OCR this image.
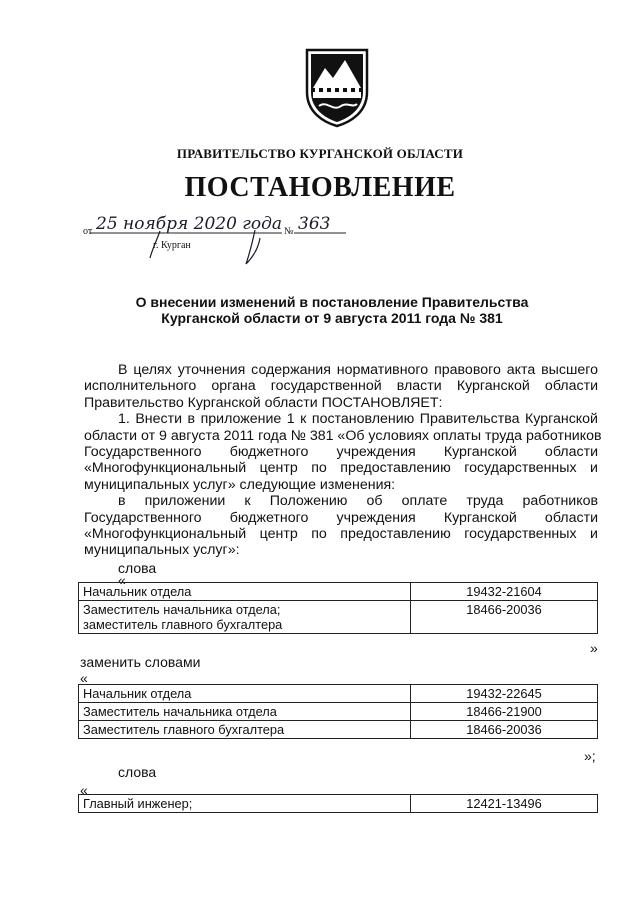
ПРАВИТЕЛЬСТВО КУРГАНСКОЙ ОБЛАСТИ
ПОСТАНОВЛЕНИЕ
от 25 ноября 2020 года № 363
г. Курган
О внесении изменений в постановление Правительства
Курганской области от 9 августа 2011 года № 381
В целях уточнения содержания нормативного правового акта высшего
исполнительного органа государственной власти Курганской области
Правительство Курганской области ПОСТАНОВЛЯЕТ:
1. Внести в приложение 1 к постановлению Правительства Курганской
области от 9 августа 2011 года № 381 «Об условиях оплаты труда работников
Государственного бюджетного учреждения Курганской области
«Многофункциональный центр по предоставлению государственных и
муниципальных услуг» следующие изменения:
в приложении к Положению об оплате труда работников
Государственного бюджетного учреждения Курганской области
«Многофункциональный центр по предоставлению государственных и
муниципальных услуг»:
слова
«
Начальник отдела	19432-21604

Заместитель начальника отдела;
заместитель главного бухгалтера	18466-20036
»
заменить словами
«
Начальник отдела	19432-22645
Заместитель начальника отдела	18466-21900
Заместитель главного бухгалтера	18466-20036
»;
слова
«
Главный инженер;	12421-13496
